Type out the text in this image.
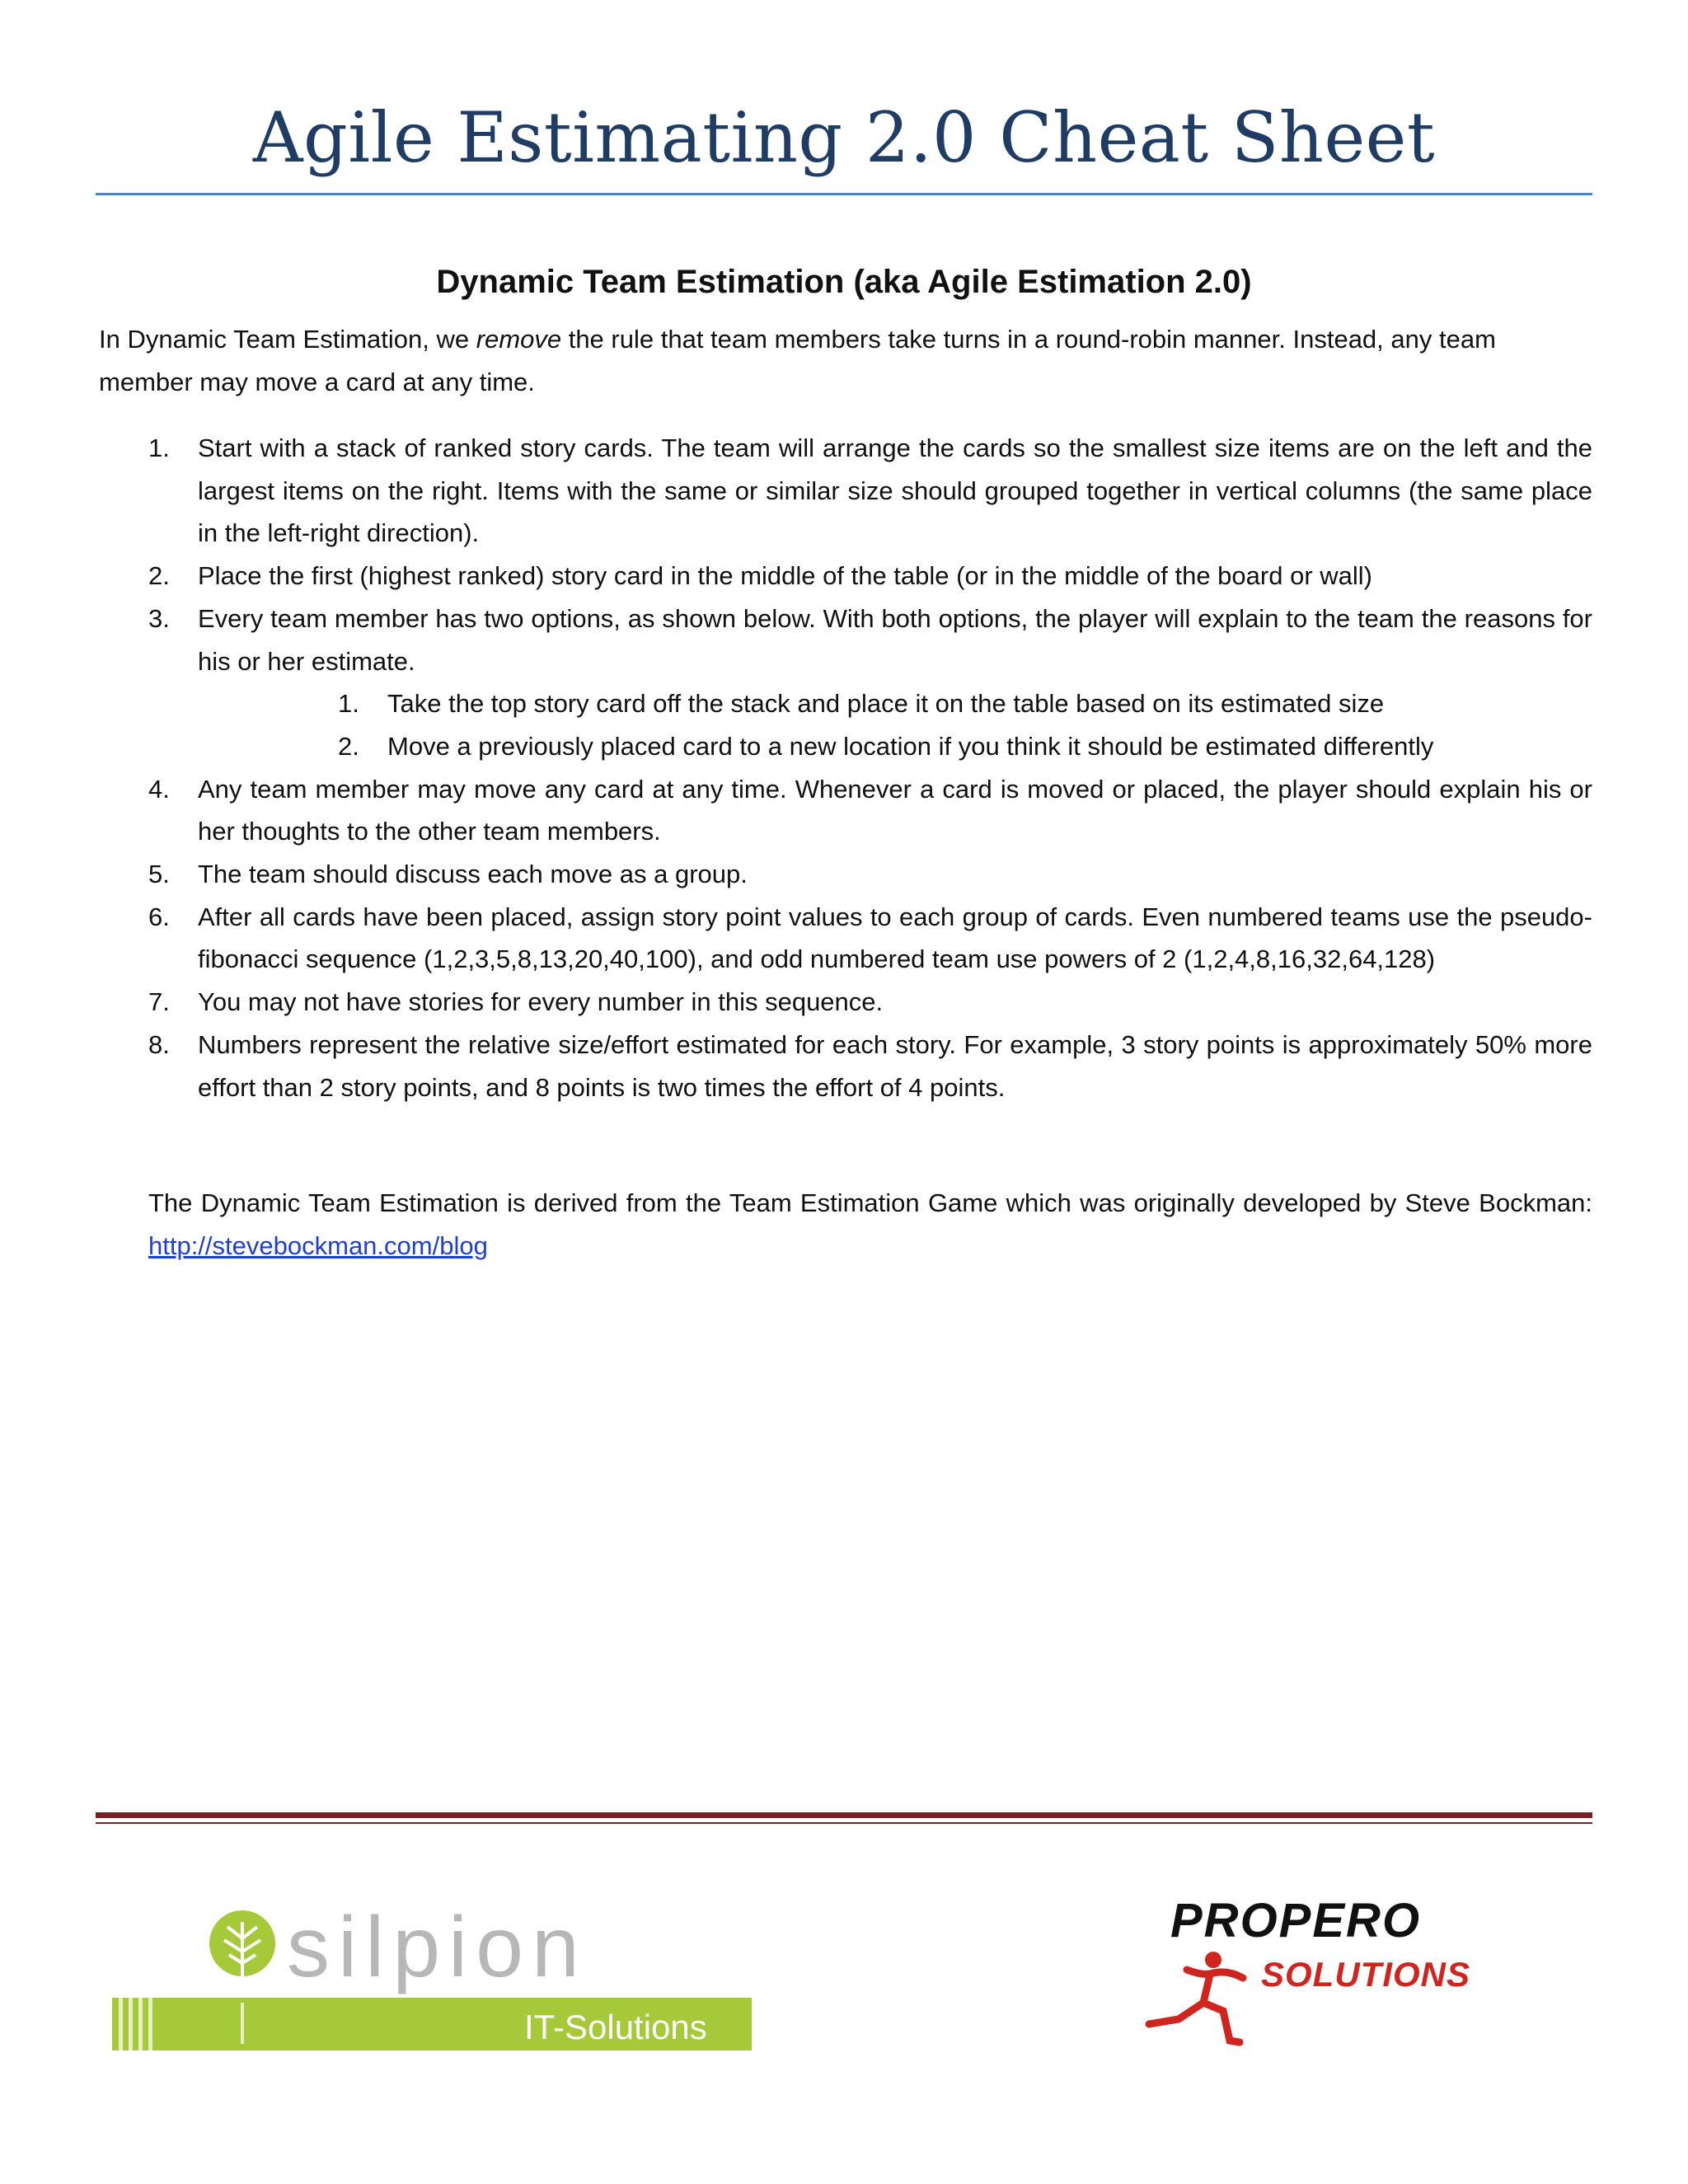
Agile Estimating 2.0 Cheat Sheet
Dynamic Team Estimation (aka Agile Estimation 2.0)
In Dynamic Team Estimation, we remove the rule that team members take turns in a round-robin manner. Instead, any team member may move a card at any time.
1. Start with a stack of ranked story cards. The team will arrange the cards so the smallest size items are on the left and the largest items on the right. Items with the same or similar size should grouped together in vertical columns (the same place in the left-right direction).
2. Place the first (highest ranked) story card in the middle of the table (or in the middle of the board or wall)
3. Every team member has two options, as shown below. With both options, the player will explain to the team the reasons for his or her estimate.
1. Take the top story card off the stack and place it on the table based on its estimated size
2. Move a previously placed card to a new location if you think it should be estimated differently
4. Any team member may move any card at any time. Whenever a card is moved or placed, the player should explain his or her thoughts to the other team members.
5. The team should discuss each move as a group.
6. After all cards have been placed, assign story point values to each group of cards. Even numbered teams use the pseudo-fibonacci sequence (1,2,3,5,8,13,20,40,100), and odd numbered team use powers of 2 (1,2,4,8,16,32,64,128)
7. You may not have stories for every number in this sequence.
8. Numbers represent the relative size/effort estimated for each story. For example, 3 story points is approximately 50% more effort than 2 story points, and 8 points is two times the effort of 4 points.
The Dynamic Team Estimation is derived from the Team Estimation Game which was originally developed by Steve Bockman: http://stevebockman.com/blog
silpion
IT-Solutions
PROPERO
SOLUTIONS
